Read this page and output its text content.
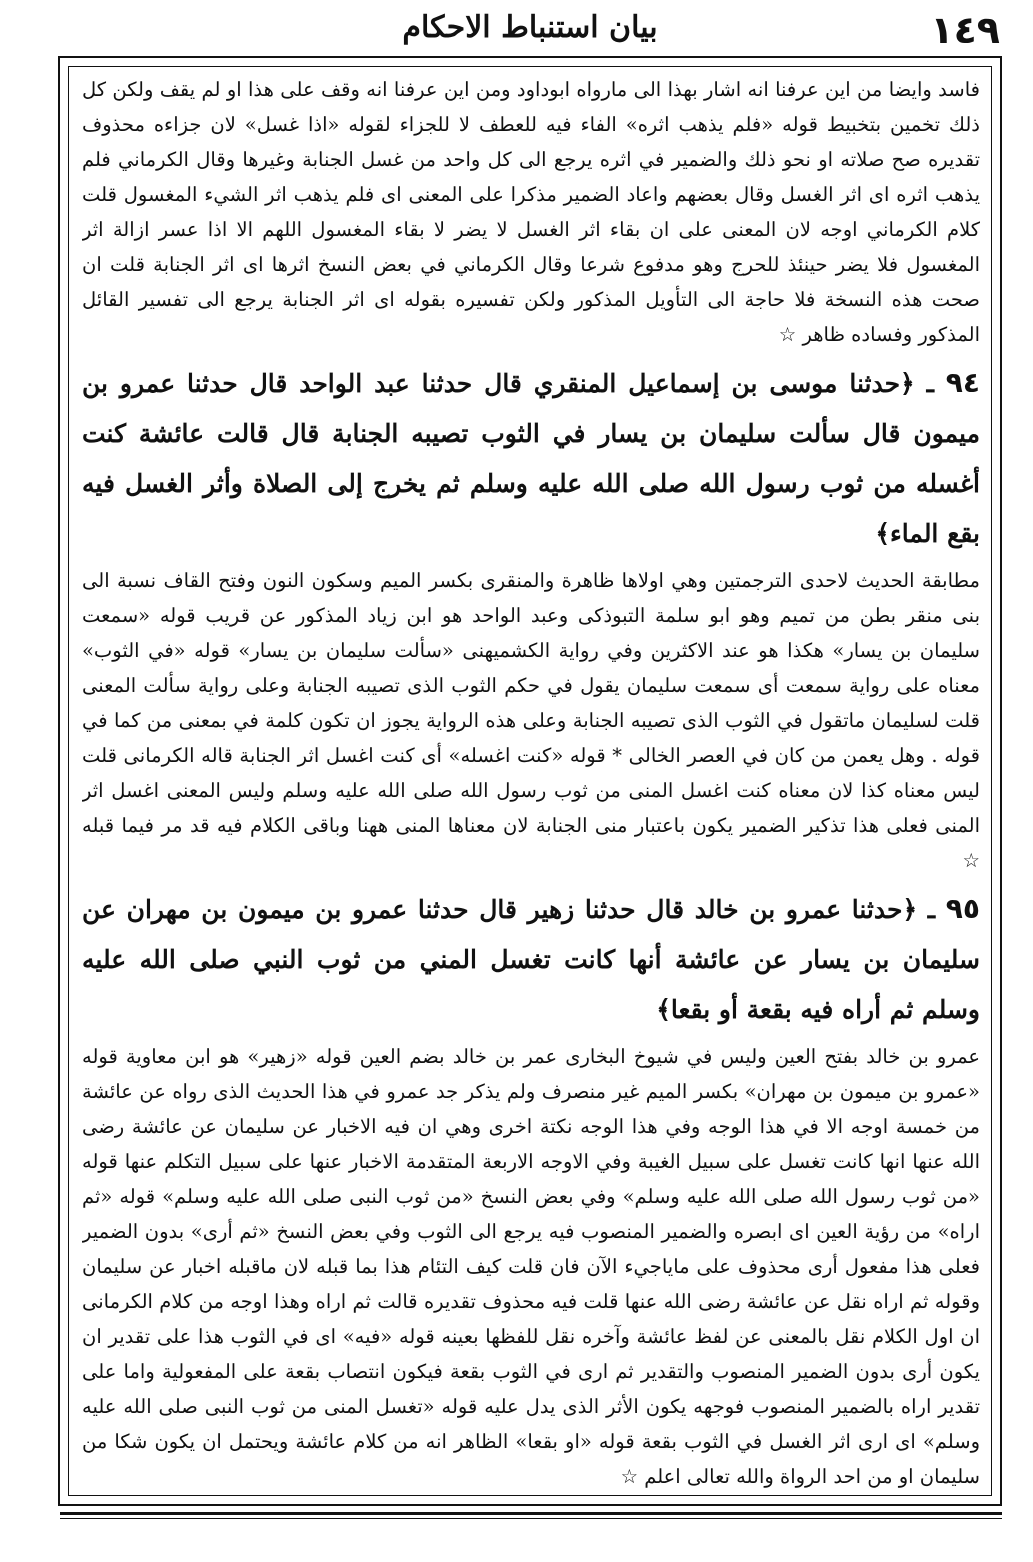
١٤٩
بيان استنباط الاحكام

فاسد وايضا من اين عرفنا انه اشار بهذا الى مارواه ابوداود ومن اين عرفنا انه وقف على هذا او لم يقف ولكن كل ذلك تخمين بتخبيط قوله «فلم يذهب اثره» الفاء فيه للعطف لا للجزاء لقوله «اذا غسل» لان جزاءه محذوف تقديره صح صلاته او نحو ذلك والضمير في اثره يرجع الى كل واحد من غسل الجنابة وغيرها وقال الكرماني فلم يذهب اثره اى اثر الغسل وقال بعضهم واعاد الضمير مذكرا على المعنى اى فلم يذهب اثر الشيء المغسول قلت كلام الكرماني اوجه لان المعنى على ان بقاء اثر الغسل لا يضر لا بقاء المغسول اللهم الا اذا عسر ازالة اثر المغسول فلا يضر حينئذ للحرج وهو مدفوع شرعا وقال الكرماني في بعض النسخ اثرها اى اثر الجنابة قلت ان صحت هذه النسخة فلا حاجة الى التأويل المذكور ولكن تفسيره بقوله اى اثر الجنابة يرجع الى تفسير القائل المذكور وفساده ظاهر ☆

٩٤ ـ ﴿حدثنا موسى بن إسماعيل المنقري قال حدثنا عبد الواحد قال حدثنا عمرو بن ميمون قال سألت سليمان بن يسار في الثوب تصيبه الجنابة قال قالت عائشة كنت أغسله من ثوب رسول الله صلى الله عليه وسلم ثم يخرج إلى الصلاة وأثر الغسل فيه بقع الماء﴾

مطابقة الحديث لاحدى الترجمتين وهي اولاها ظاهرة والمنقرى بكسر الميم وسكون النون وفتح القاف نسبة الى بنى منقر بطن من تميم وهو ابو سلمة التبوذكى وعبد الواحد هو ابن زياد المذكور عن قريب قوله «سمعت سليمان بن يسار» هكذا هو عند الاكثرين وفي رواية الكشميهنى «سألت سليمان بن يسار» قوله «في الثوب» معناه على رواية سمعت أى سمعت سليمان يقول في حكم الثوب الذى تصيبه الجنابة وعلى رواية سألت المعنى قلت لسليمان ماتقول في الثوب الذى تصيبه الجنابة وعلى هذه الرواية يجوز ان تكون كلمة في بمعنى من كما في قوله . وهل يعمن من كان في العصر الخالى * قوله «كنت اغسله» أى كنت اغسل اثر الجنابة قاله الكرمانى قلت ليس معناه كذا لان معناه كنت اغسل المنى من ثوب رسول الله صلى الله عليه وسلم وليس المعنى اغسل اثر المنى فعلى هذا تذكير الضمير يكون باعتبار منى الجنابة لان معناها المنى ههنا وباقى الكلام فيه قد مر فيما قبله ☆

٩٥ ـ ﴿حدثنا عمرو بن خالد قال حدثنا زهير قال حدثنا عمرو بن ميمون بن مهران عن سليمان بن يسار عن عائشة أنها كانت تغسل المني من ثوب النبي صلى الله عليه وسلم ثم أراه فيه بقعة أو بقعا﴾

عمرو بن خالد بفتح العين وليس في شيوخ البخارى عمر بن خالد بضم العين قوله «زهير» هو ابن معاوية قوله «عمرو بن ميمون بن مهران» بكسر الميم غير منصرف ولم يذكر جد عمرو في هذا الحديث الذى رواه عن عائشة من خمسة اوجه الا في هذا الوجه وفي هذا الوجه نكتة اخرى وهي ان فيه الاخبار عن سليمان عن عائشة رضى الله عنها انها كانت تغسل على سبيل الغيبة وفي الاوجه الاربعة المتقدمة الاخبار عنها على سبيل التكلم عنها قوله «من ثوب رسول الله صلى الله عليه وسلم» وفي بعض النسخ «من ثوب النبى صلى الله عليه وسلم» قوله «ثم اراه» من رؤية العين اى ابصره والضمير المنصوب فيه يرجع الى الثوب وفي بعض النسخ «ثم أرى» بدون الضمير فعلى هذا مفعول أرى محذوف على ماياجيء الآن فان قلت كيف التئام هذا بما قبله لان ماقبله اخبار عن سليمان وقوله ثم اراه نقل عن عائشة رضى الله عنها قلت فيه محذوف تقديره قالت ثم اراه وهذا اوجه من كلام الكرمانى ان اول الكلام نقل بالمعنى عن لفظ عائشة وآخره نقل للفظها بعينه قوله «فيه» اى في الثوب هذا على تقدير ان يكون أرى بدون الضمير المنصوب والتقدير ثم ارى في الثوب بقعة فيكون انتصاب بقعة على المفعولية واما على تقدير اراه بالضمير المنصوب فوجهه يكون الأثر الذى يدل عليه قوله «تغسل المنى من ثوب النبى صلى الله عليه وسلم» اى ارى اثر الغسل في الثوب بقعة قوله «او بقعا» الظاهر انه من كلام عائشة ويحتمل ان يكون شكا من سليمان او من احد الرواة والله تعالى اعلم ☆
